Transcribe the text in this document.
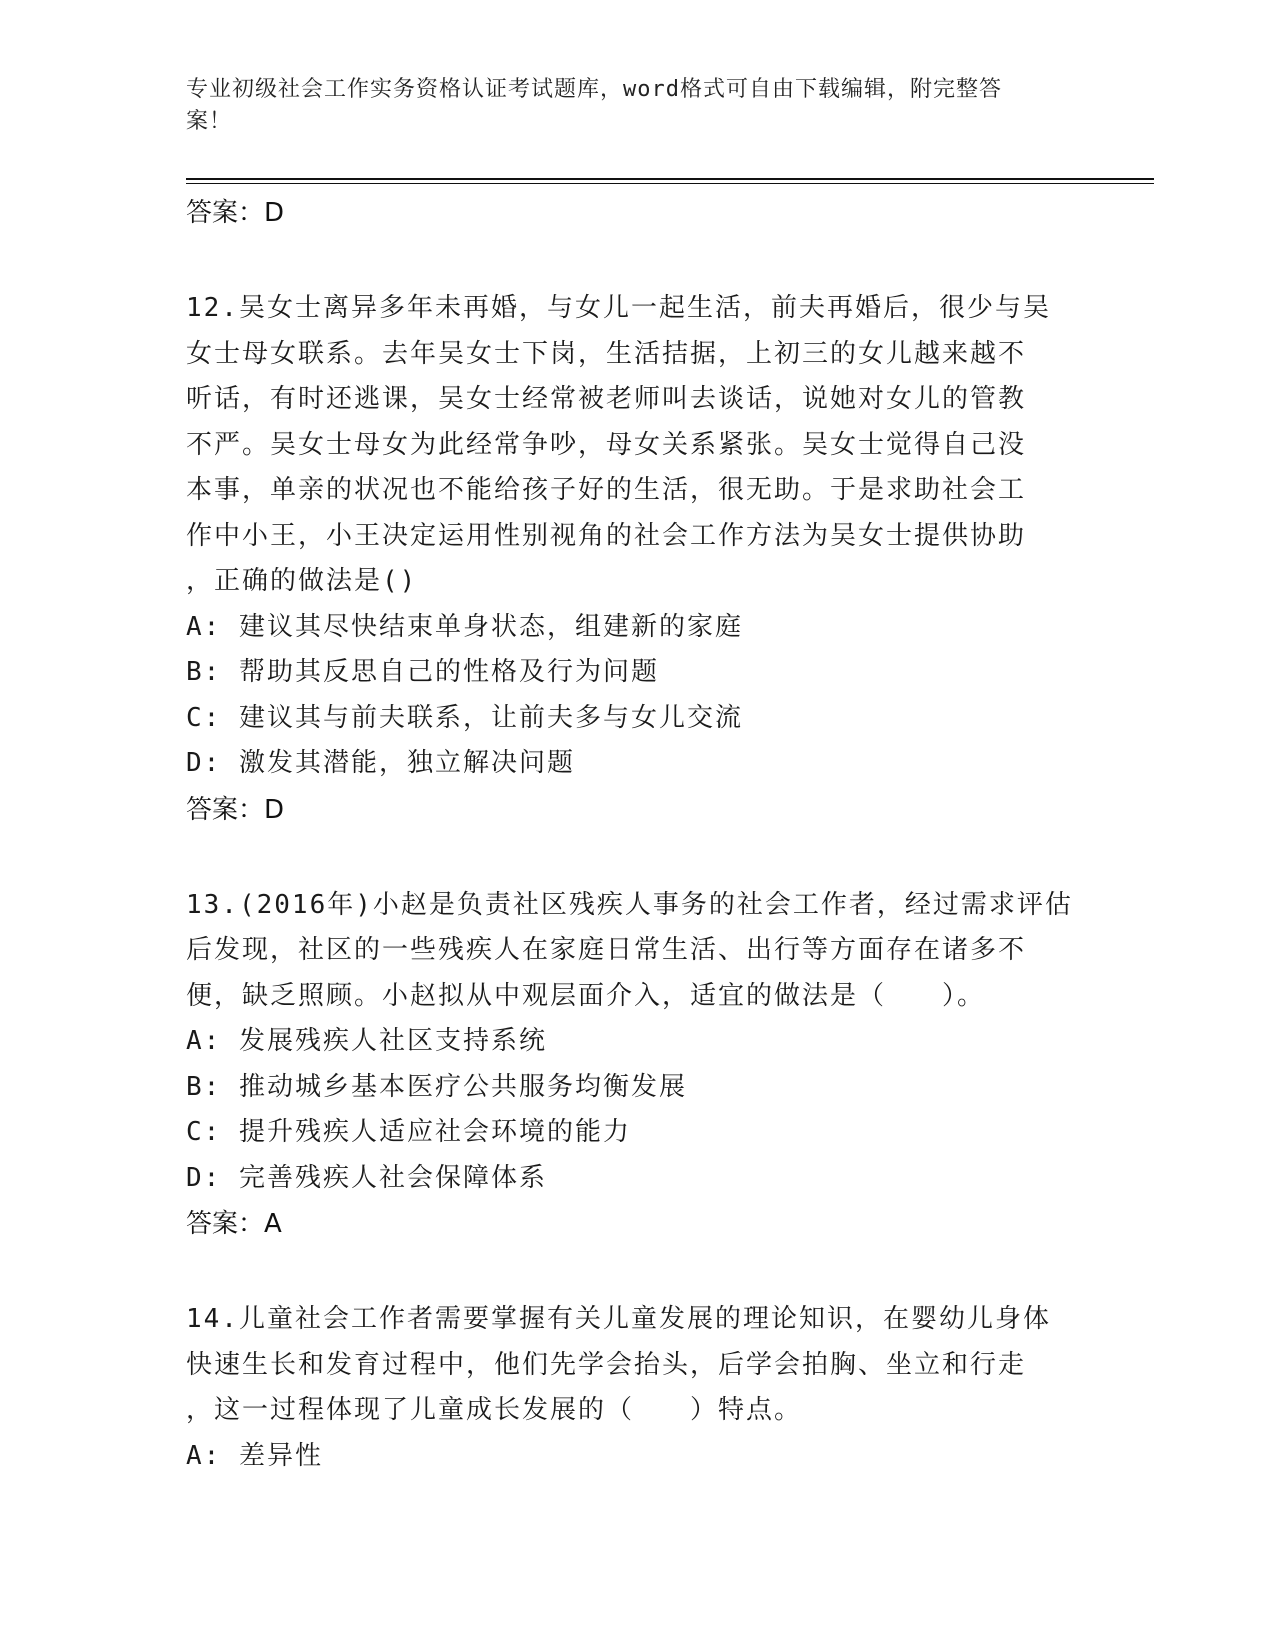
专业初级社会工作实务资格认证考试题库，word格式可自由下载编辑，附完整答
案！

答案：D

12.吴女士离异多年未再婚，与女儿一起生活，前夫再婚后，很少与吴

女士母女联系。去年吴女士下岗，生活拮据，上初三的女儿越来越不

听话，有时还逃课，吴女士经常被老师叫去谈话，说她对女儿的管教

不严。吴女士母女为此经常争吵，母女关系紧张。吴女士觉得自己没

本事，单亲的状况也不能给孩子好的生活，很无助。于是求助社会工

作中小王，小王决定运用性别视角的社会工作方法为吴女士提供协助

，正确的做法是()

A: 建议其尽快结束单身状态，组建新的家庭

B: 帮助其反思自己的性格及行为问题

C: 建议其与前夫联系，让前夫多与女儿交流

D: 激发其潜能，独立解决问题

答案：D

13.(2016年)小赵是负责社区残疾人事务的社会工作者，经过需求评估

后发现，社区的一些残疾人在家庭日常生活、出行等方面存在诸多不

便，缺乏照顾。小赵拟从中观层面介入，适宜的做法是（　　）。

A: 发展残疾人社区支持系统

B: 推动城乡基本医疗公共服务均衡发展

C: 提升残疾人适应社会环境的能力

D: 完善残疾人社会保障体系

答案：A

14.儿童社会工作者需要掌握有关儿童发展的理论知识，在婴幼儿身体

快速生长和发育过程中，他们先学会抬头，后学会拍胸、坐立和行走

，这一过程体现了儿童成长发展的（　　）特点。

A: 差异性
